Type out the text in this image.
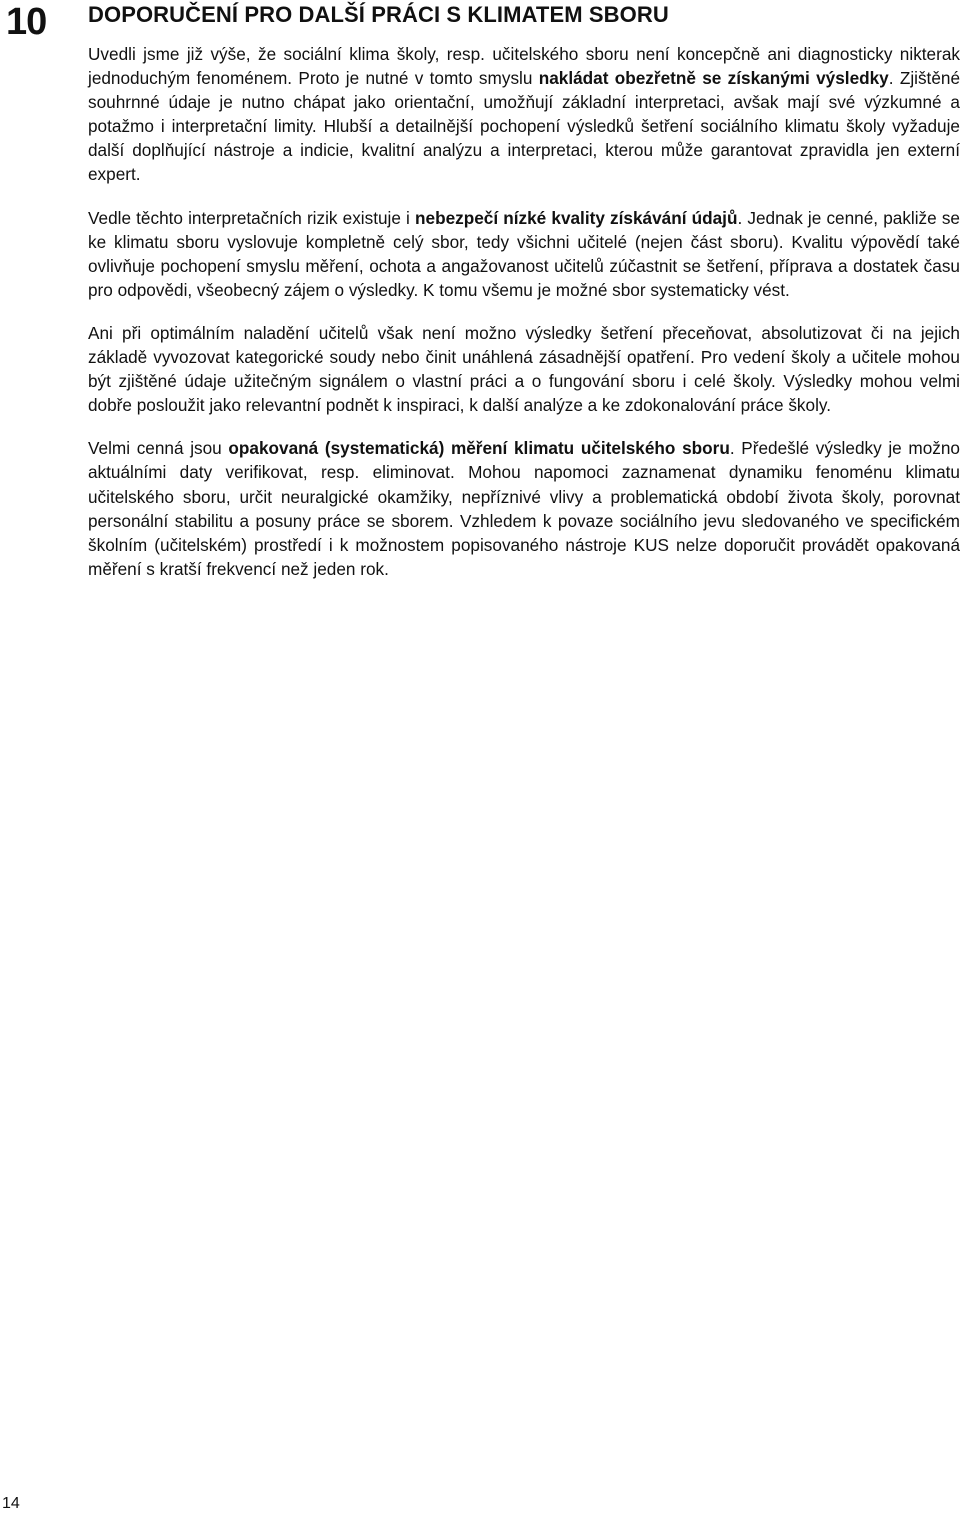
10 DOPORUČENÍ PRO DALŠÍ PRÁCI S KLIMATEM SBORU

Uvedli jsme již výše, že sociální klima školy, resp. učitelského sboru není koncepčně ani diagnosticky nikterak jednoduchým fenoménem. Proto je nutné v tomto smyslu nakládat obezřetně se získanými výsledky. Zjištěné souhrnné údaje je nutno chápat jako orientační, umožňují základní interpretaci, avšak mají své výzkumné a potažmo i interpretační limity. Hlubší a detailnější pochopení výsledků šetření sociálního klimatu školy vyžaduje další doplňující nástroje a indicie, kvalitní analýzu a interpretaci, kterou může garantovat zpravidla jen externí expert.

Vedle těchto interpretačních rizik existuje i nebezpečí nízké kvality získávání údajů. Jednak je cenné, pakliže se ke klimatu sboru vyslovuje kompletně celý sbor, tedy všichni učitelé (nejen část sboru). Kvalitu výpovědí také ovlivňuje pochopení smyslu měření, ochota a angažovanost učitelů zúčastnit se šetření, příprava a dostatek času pro odpovědi, všeobecný zájem o výsledky. K tomu všemu je možné sbor systematicky vést.

Ani při optimálním naladění učitelů však není možno výsledky šetření přeceňovat, absolutizovat či na jejich základě vyvozovat kategorické soudy nebo činit unáhlená zásadnější opatření. Pro vedení školy a učitele mohou být zjištěné údaje užitečným signálem o vlastní práci a o fungování sboru i celé školy. Výsledky mohou velmi dobře posloužit jako relevantní podnět k inspiraci, k další analýze a ke zdokonalování práce školy.

Velmi cenná jsou opakovaná (systematická) měření klimatu učitelského sboru. Předešlé výsledky je možno aktuálními daty verifikovat, resp. eliminovat. Mohou napomoci zaznamenat dynamiku fenoménu klimatu učitelského sboru, určit neuralgické okamžiky, nepříznivé vlivy a problematická období života školy, porovnat personální stabilitu a posuny práce se sborem. Vzhledem k povaze sociálního jevu sledovaného ve specifickém školním (učitelském) prostředí i k možnostem popisovaného nástroje KUS nelze doporučit provádět opakovaná měření s kratší frekvencí než jeden rok.

14
